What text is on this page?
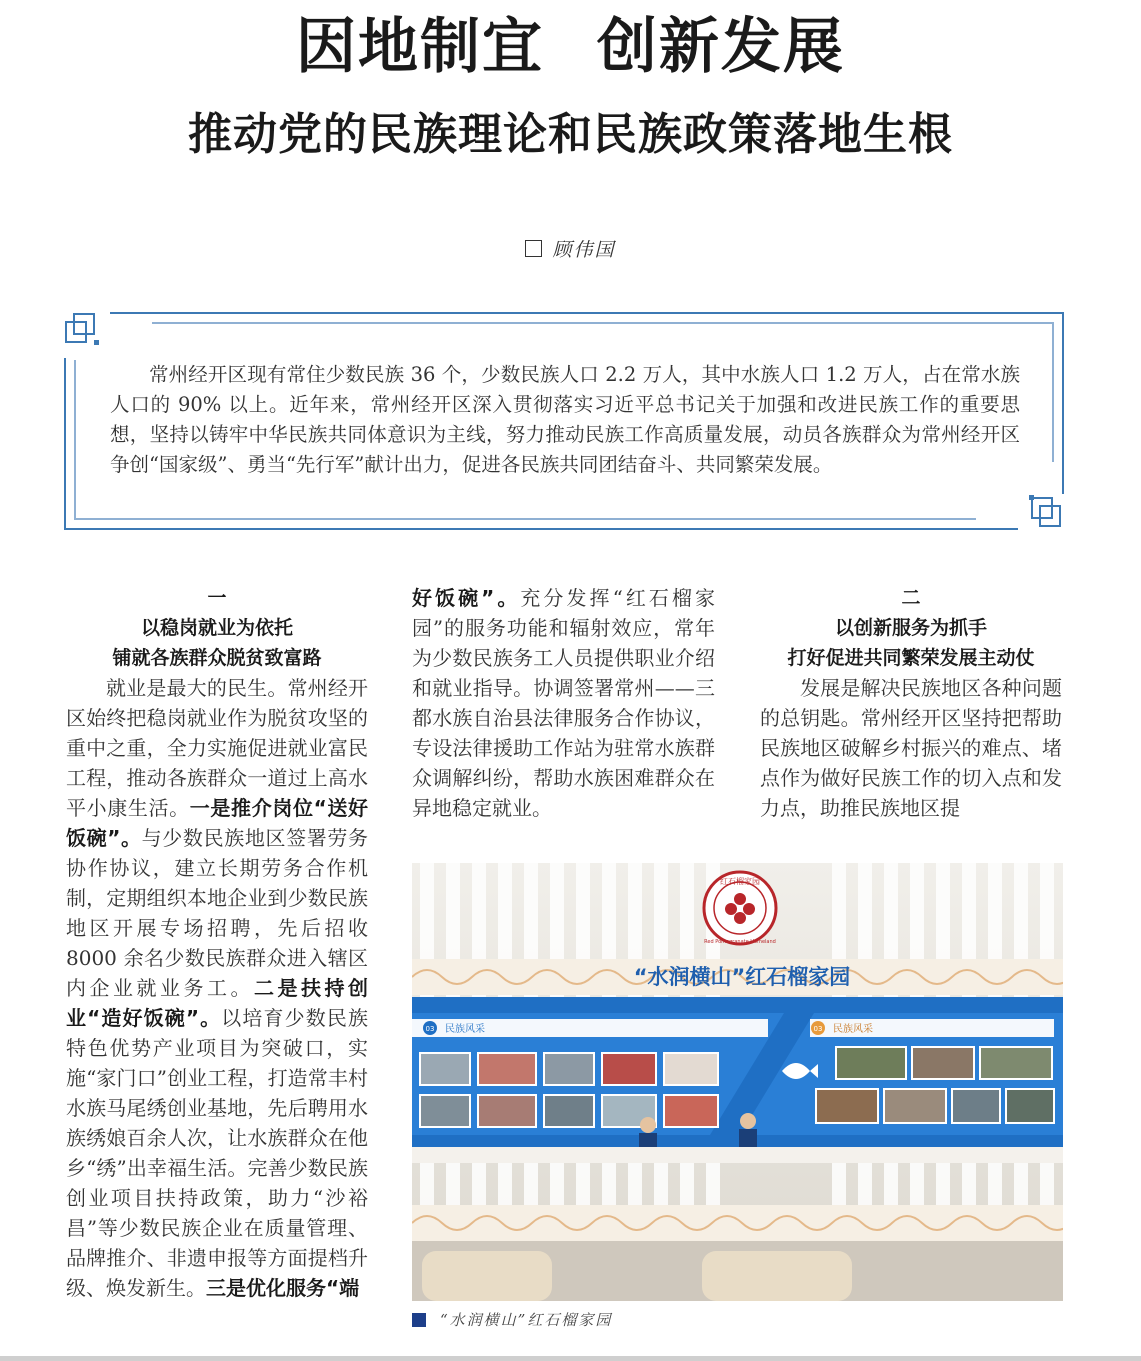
因地制宜 创新发展
推动党的民族理论和民族政策落地生根
顾伟国

常州经开区现有常住少数民族 36 个，少数民族人口 2.2 万人，其中水族人口 1.2 万人，占在常水族人口的 90% 以上。近年来，常州经开区深入贯彻落实习近平总书记关于加强和改进民族工作的重要思想，坚持以铸牢中华民族共同体意识为主线，努力推动民族工作高质量发展，动员各族群众为常州经开区争创“国家级”、勇当“先行军”献计出力，促进各民族共同团结奋斗、共同繁荣发展。

一

以稳岗就业为依托

铺就各族群众脱贫致富路

就业是最大的民生。常州经开区始终把稳岗就业作为脱贫攻坚的重中之重，全力实施促进就业富民工程，推动各族群众一道过上高水平小康生活。一是推介岗位“送好饭碗”。与少数民族地区签署劳务协作协议，建立长期劳务合作机制，定期组织本地企业到少数民族地区开展专场招聘，先后招收 8000 余名少数民族群众进入辖区内企业就业务工。二是扶持创业“造好饭碗”。以培育少数民族特色优势产业项目为突破口，实施“家门口”创业工程，打造常丰村水族马尾绣创业基地，先后聘用水族绣娘百余人次，让水族群众在他乡“绣”出幸福生活。完善少数民族创业项目扶持政策，助力“沙裕昌”等少数民族企业在质量管理、品牌推介、非遗申报等方面提档升级、焕发新生。三是优化服务“端

好饭碗”。充分发挥“红石榴家园”的服务功能和辐射效应，常年为少数民族务工人员提供职业介绍和就业指导。协调签署常州——三都水族自治县法律服务合作协议，专设法律援助工作站为驻常水族群众调解纠纷，帮助水族困难群众在异地稳定就业。

二

以创新服务为抓手

打好促进共同繁荣发展主动仗

发展是解决民族地区各种问题的总钥匙。常州经开区坚持把帮助民族地区破解乡村振兴的难点、堵点作为做好民族工作的切入点和发力点，助推民族地区提

“水润横山”红石榴家园
红石榴家园
Red Pomegranate Homeland
03 民族风采	03 民族风采
“水润横山”红石榴家园
